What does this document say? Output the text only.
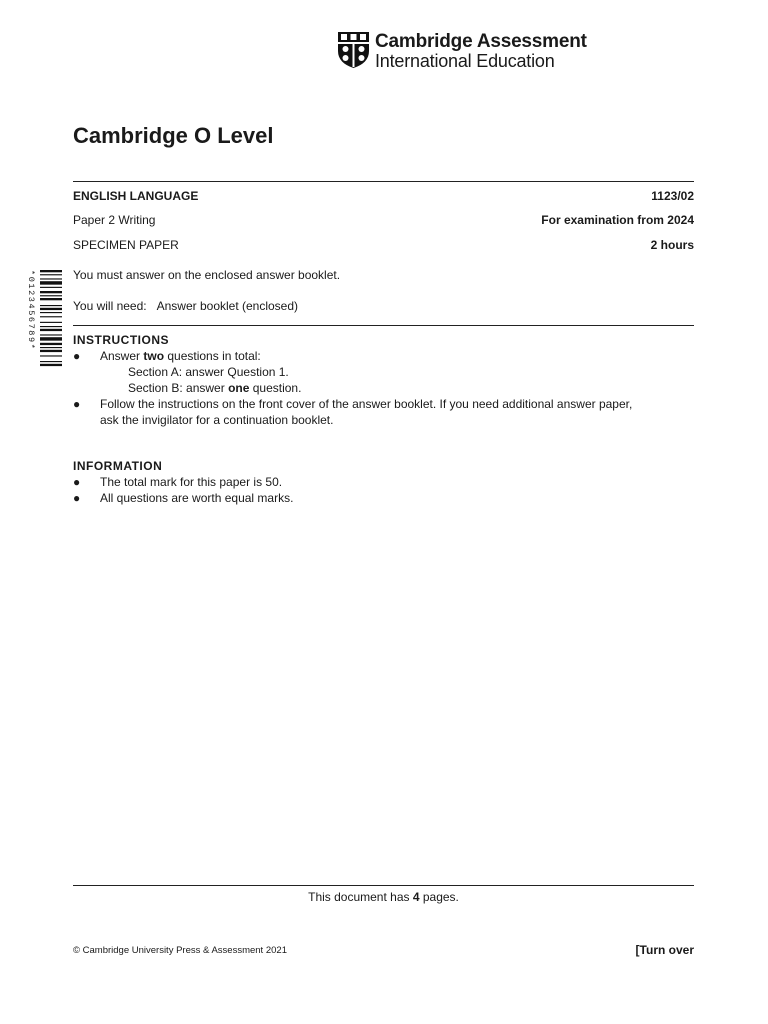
Cambridge Assessment
International Education
*0123456789*
Cambridge O Level
ENGLISH LANGUAGE	1123/02
Paper 2 Writing	For examination from 2024
SPECIMEN PAPER	2 hours
You must answer on the enclosed answer booklet.
You will need: Answer booklet (enclosed)
INSTRUCTIONS
● Answer two questions in total:
Section A: answer Question 1.
Section B: answer one question.
● Follow the instructions on the front cover of the answer booklet. If you need additional answer paper,
ask the invigilator for a continuation booklet.
INFORMATION
● The total mark for this paper is 50.
● All questions are worth equal marks.
This document has 4 pages.
© Cambridge University Press & Assessment 2021	[Turn over
